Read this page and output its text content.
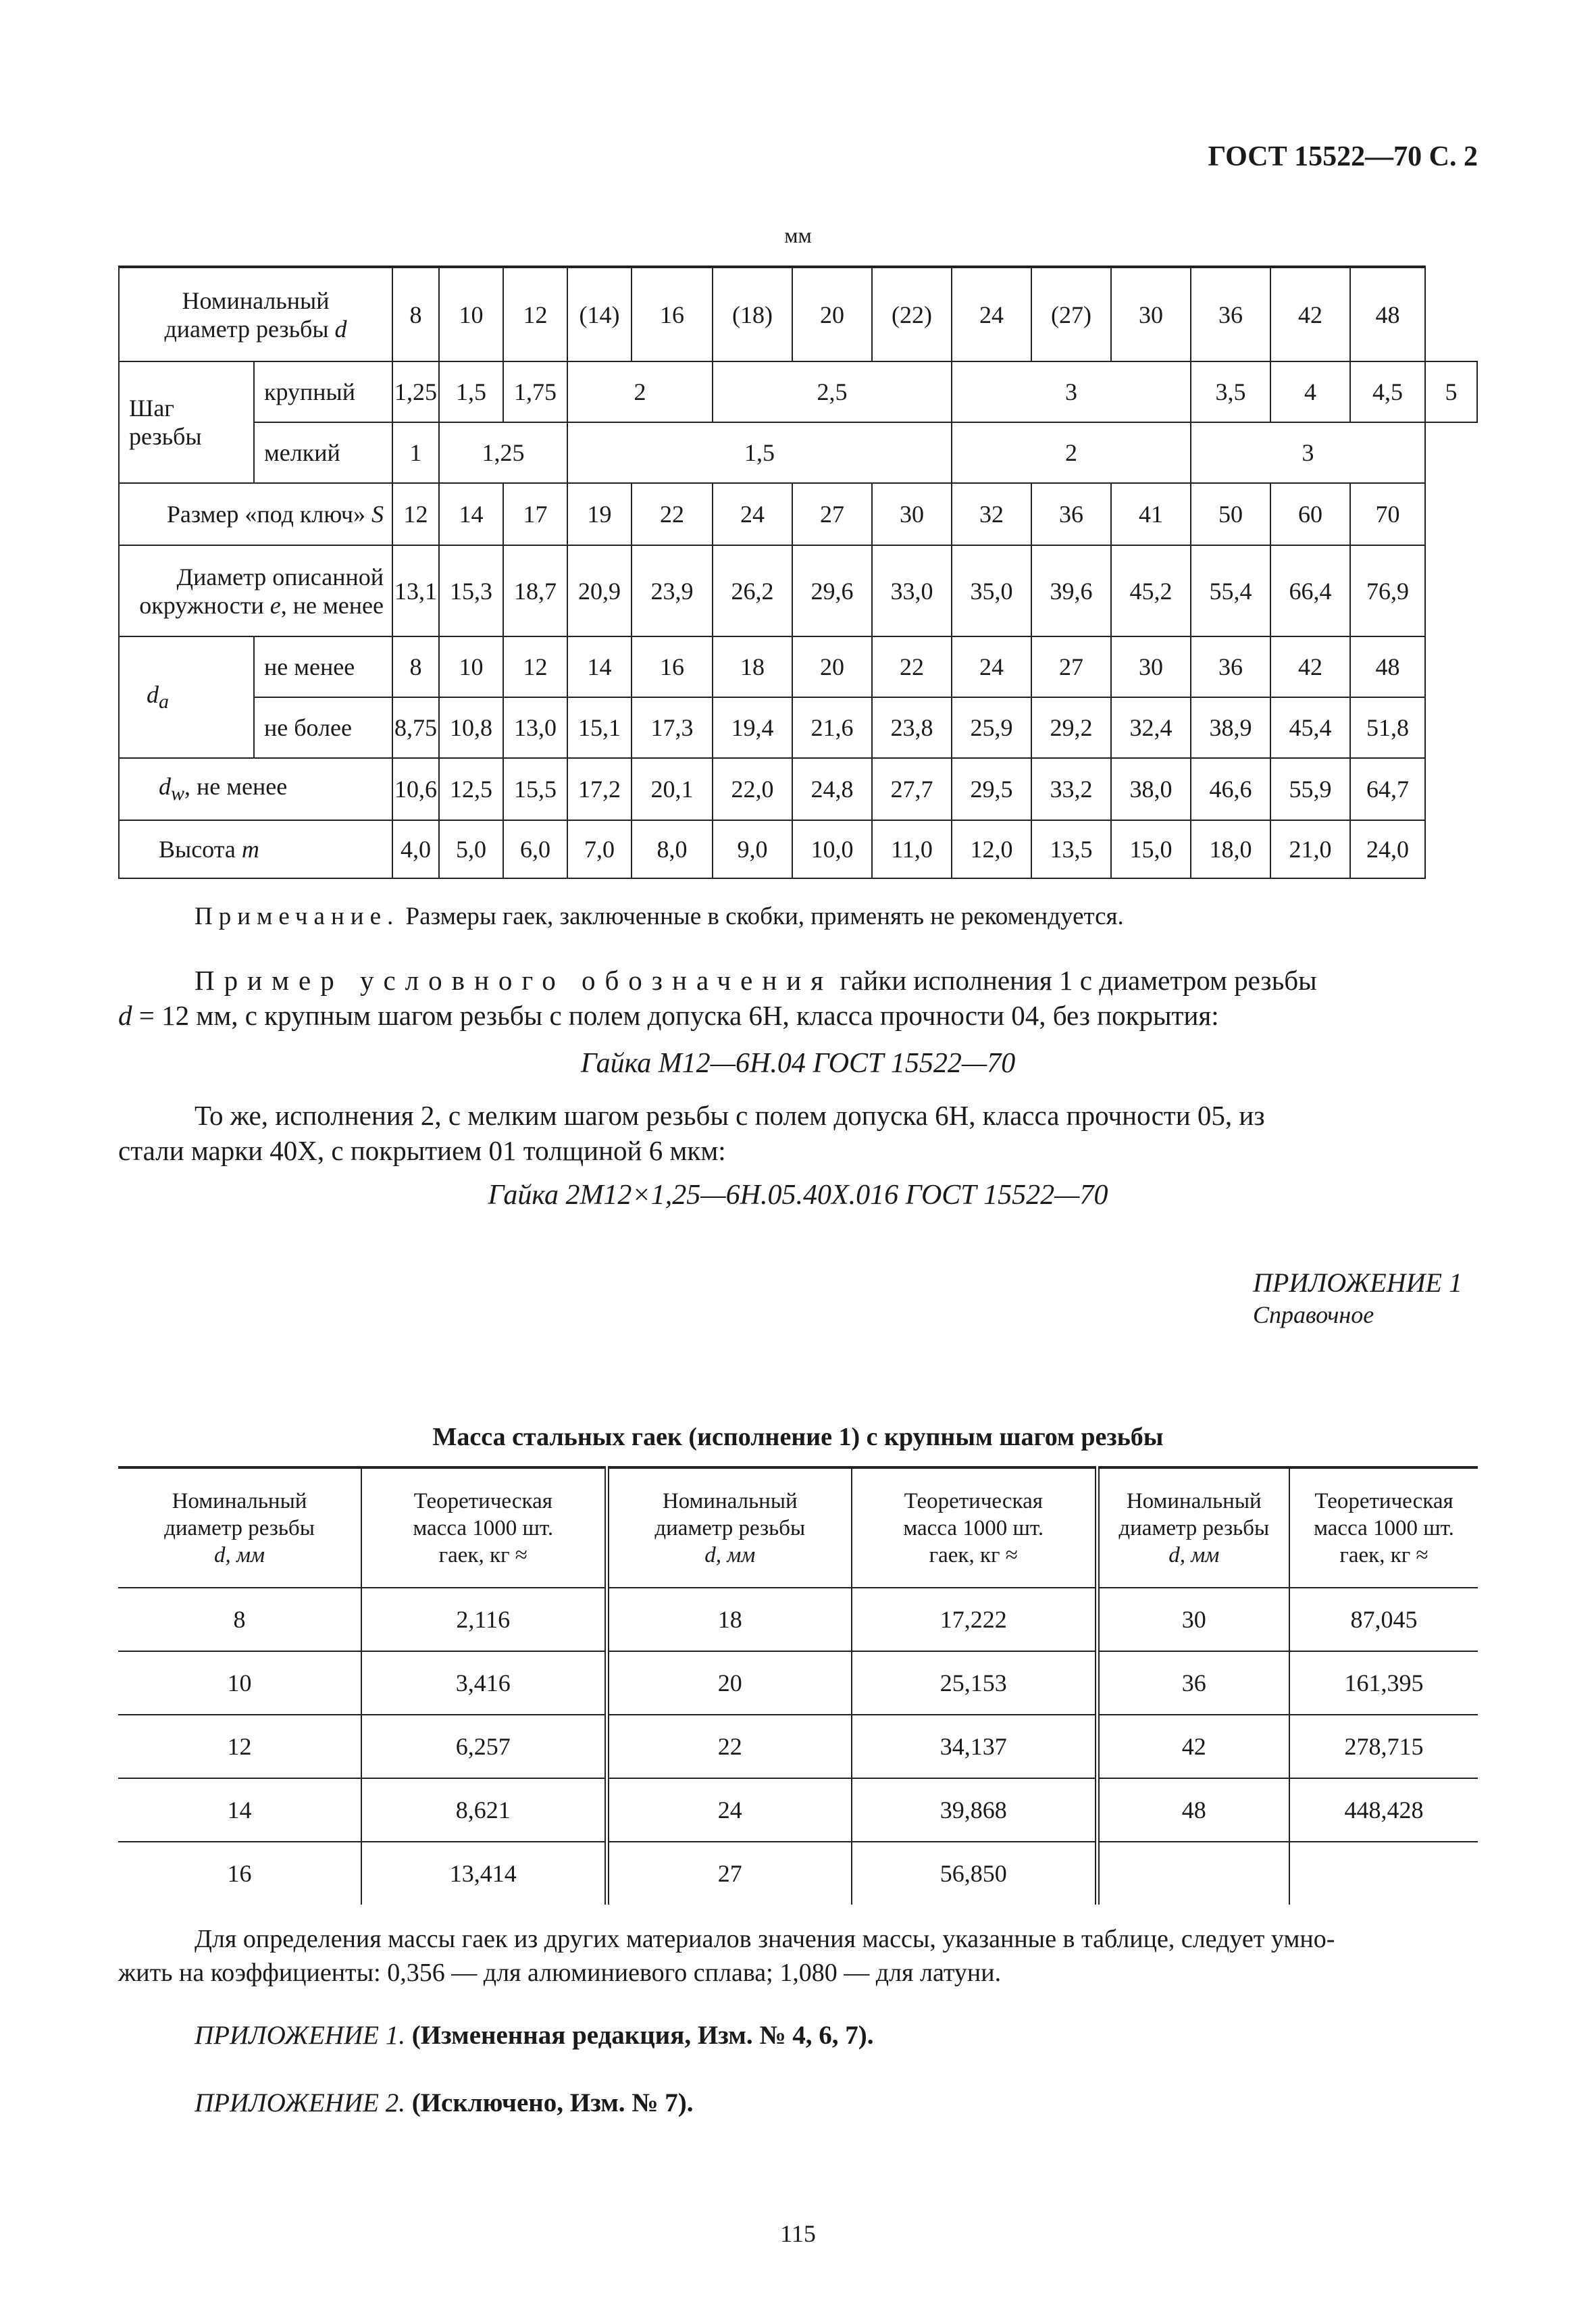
ГОСТ 15522—70 С. 2
мм
Номинальный
диаметр резьбы d		8	10	12	(14)	16	(18)	20	(22)	24	(27)	30	36	42	48	
Шаг
резьбы	крупный	1,25	1,5	1,75	2		2,5			3			3,5	4	4,5	5
	мелкий	1	1,25		1,5					2			3			
Размер «под ключ» S		12	14	17	19	22	24	27	30	32	36	41	50	60	70	
Диаметр описанной
окружности e, не менее		13,1	15,3	18,7	20,9	23,9	26,2	29,6	33,0	35,0	39,6	45,2	55,4	66,4	76,9	
$d_a$	не менее	8	10	12	14	16	18	20	22	24	27	30	36	42	48	
	не более	8,75	10,8	13,0	15,1	17,3	19,4	21,6	23,8	25,9	29,2	32,4	38,9	45,4	51,8	
$d_w$, не менее		10,6	12,5	15,5	17,2	20,1	22,0	24,8	27,7	29,5	33,2	38,0	46,6	55,9	64,7	
Высота m		4,0	5,0	6,0	7,0	8,0	9,0	10,0	11,0	12,0	13,5	15,0	18,0	21,0	24,0	
Примечание. Размеры гаек, заключенные в скобки, применять не рекомендуется.
Пример условного обозначения гайки исполнения 1 с диаметром резьбы
d = 12 мм, с крупным шагом резьбы с полем допуска 6Н, класса прочности 04, без покрытия:
Гайка М12—6Н.04 ГОСТ 15522—70
То же, исполнения 2, с мелким шагом резьбы с полем допуска 6Н, класса прочности 05, из
стали марки 40Х, с покрытием 01 толщиной 6 мкм:
Гайка 2М12×1,25—6Н.05.40Х.016 ГОСТ 15522—70
ПРИЛОЖЕНИЕ 1
Справочное
Масса стальных гаек (исполнение 1) с крупным шагом резьбы
Номинальный
диаметр резьбы
d, мм	Теоретическая
масса 1000 шт.
гаек, кг ≈	Номинальный
диаметр резьбы
d, мм	Теоретическая
масса 1000 шт.
гаек, кг ≈	Номинальный
диаметр резьбы
d, мм	Теоретическая
масса 1000 шт.
гаек, кг ≈
8	2,116	18	17,222	30	87,045
10	3,416	20	25,153	36	161,395
12	6,257	22	34,137	42	278,715
14	8,621	24	39,868	48	448,428
16	13,414	27	56,850		
Для определения массы гаек из других материалов значения массы, указанные в таблице, следует умно-
жить на коэффициенты: 0,356 — для алюминиевого сплава; 1,080 — для латуни.
ПРИЛОЖЕНИЕ 1. (Измененная редакция, Изм. № 4, 6, 7).
ПРИЛОЖЕНИЕ 2. (Исключено, Изм. № 7).
115
